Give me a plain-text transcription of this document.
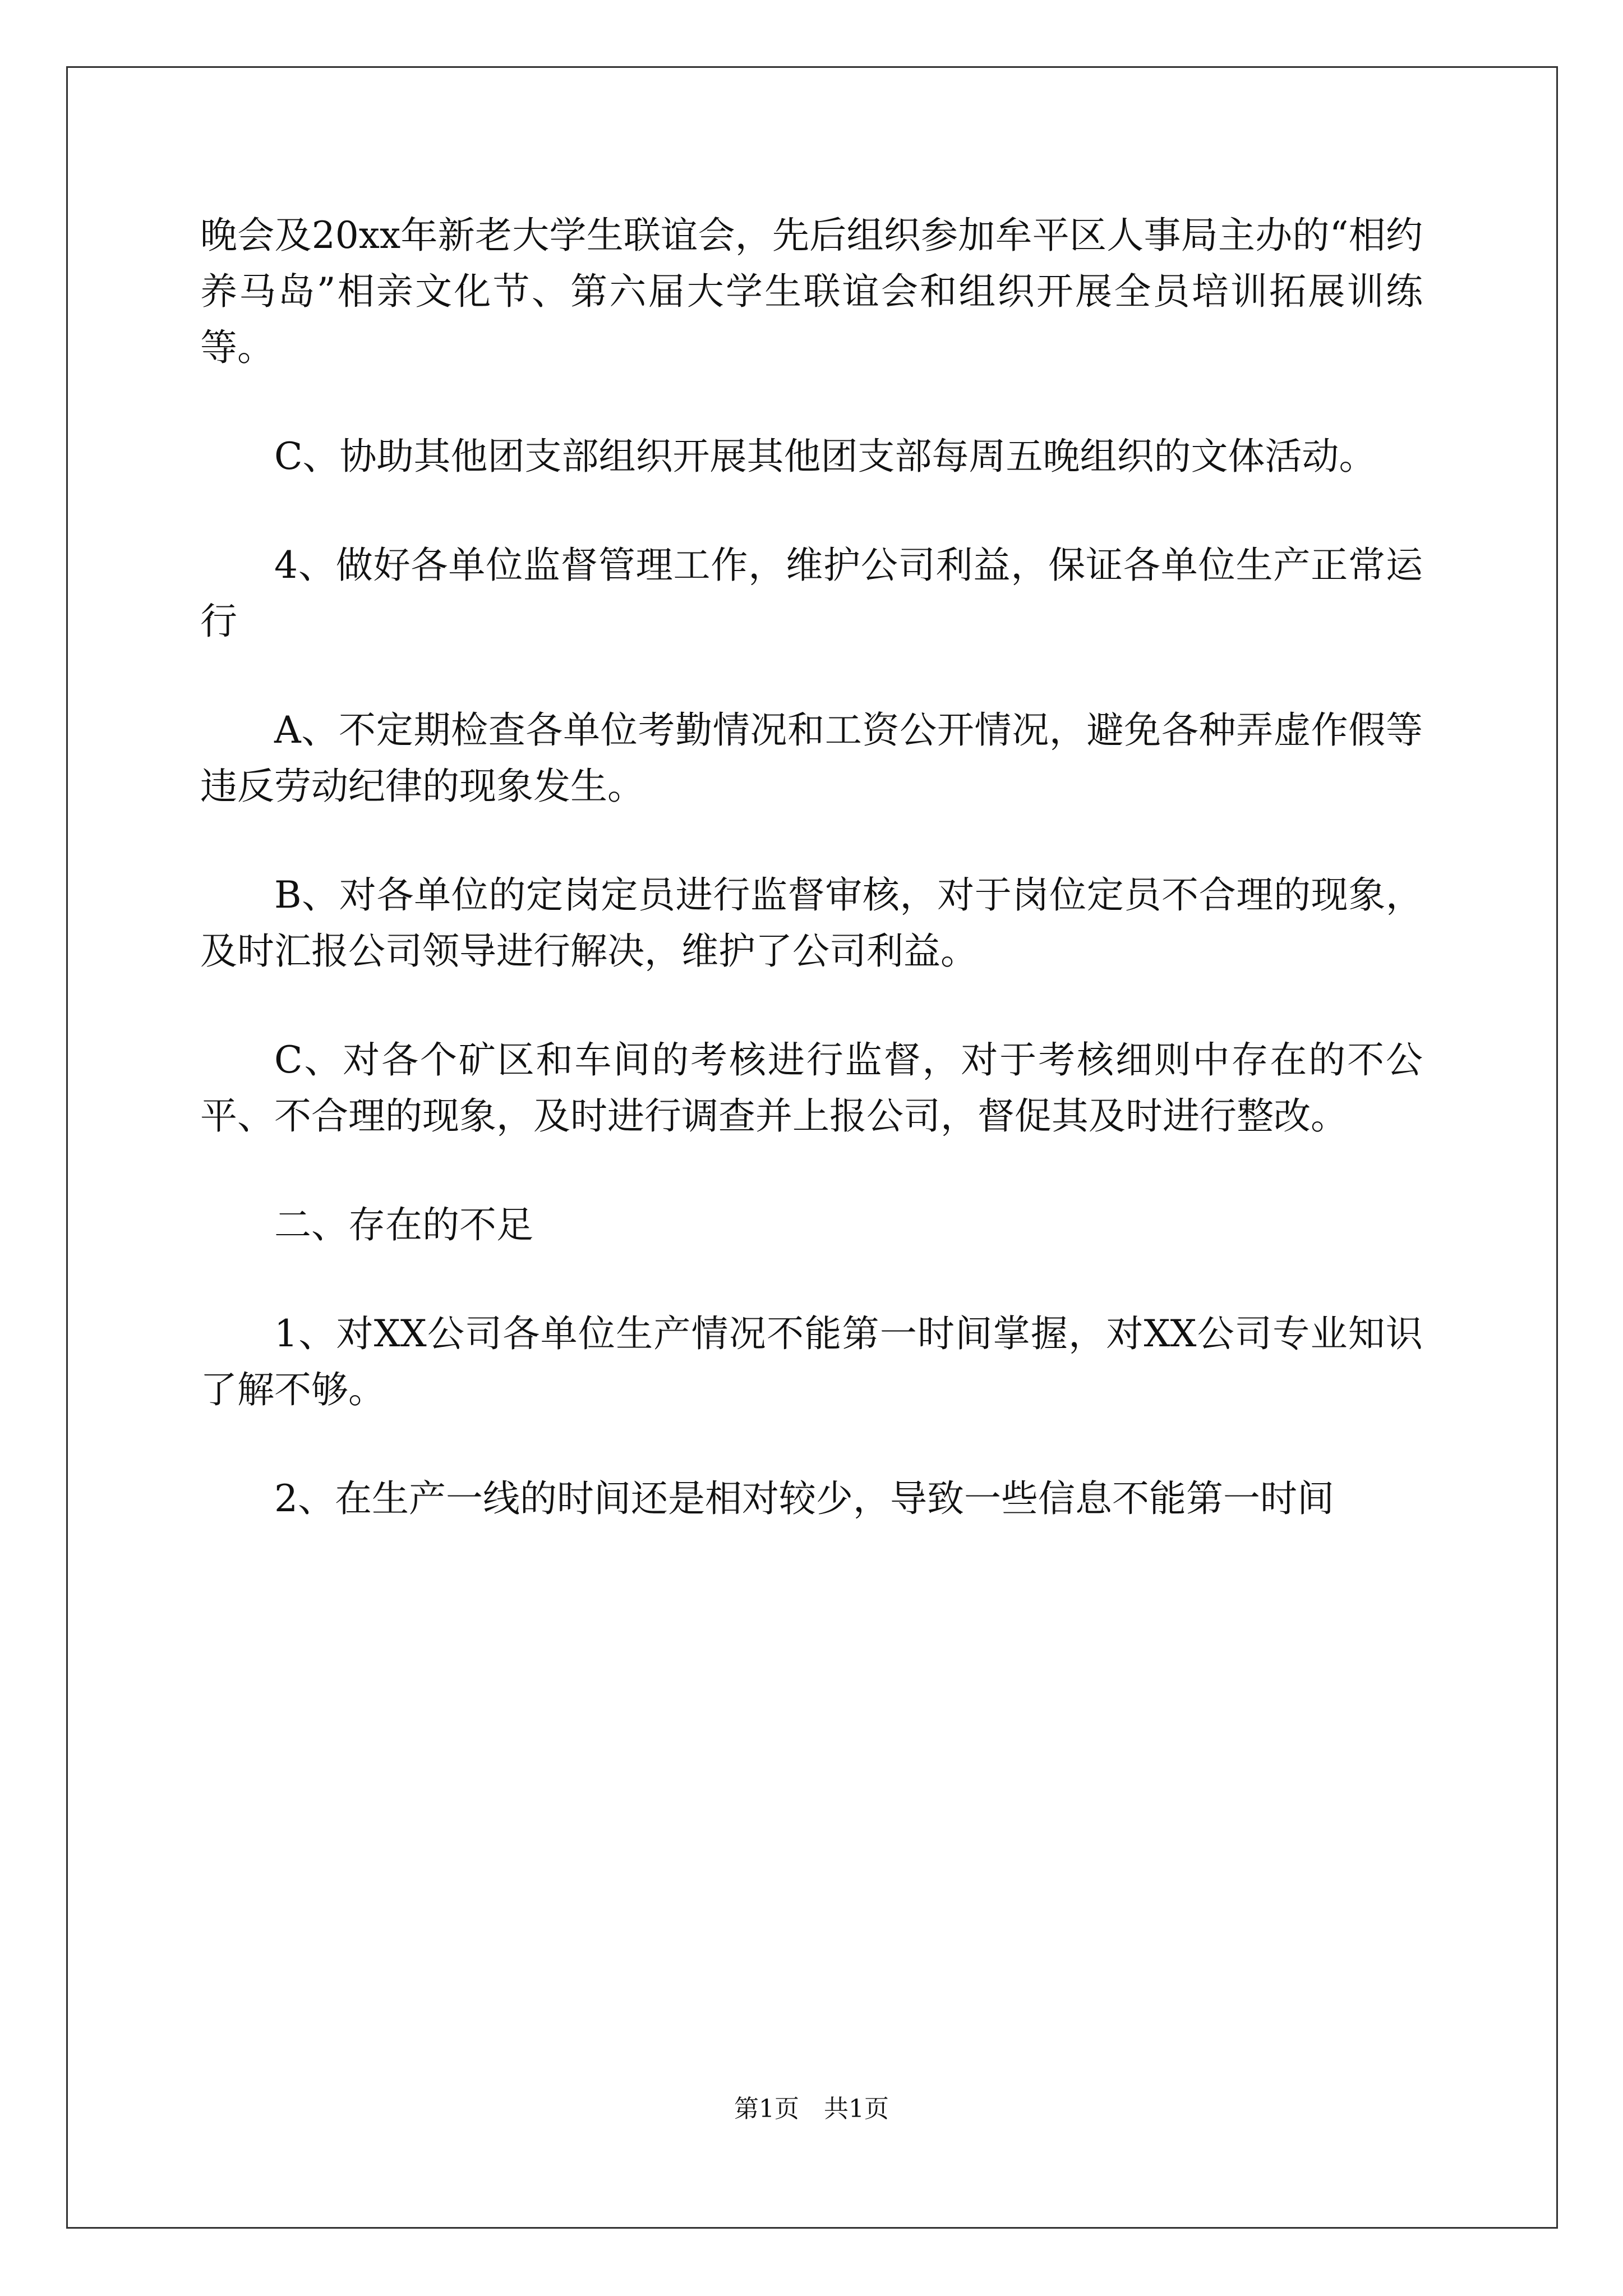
晚会及20xx年新老大学生联谊会，先后组织参加牟平区人事局主办的“相约养马岛”相亲文化节、第六届大学生联谊会和组织开展全员培训拓展训练等。

C、协助其他团支部组织开展其他团支部每周五晚组织的文体活动。

4、做好各单位监督管理工作，维护公司利益，保证各单位生产正常运行

A、不定期检查各单位考勤情况和工资公开情况，避免各种弄虚作假等违反劳动纪律的现象发生。

B、对各单位的定岗定员进行监督审核，对于岗位定员不合理的现象，及时汇报公司领导进行解决，维护了公司利益。

C、对各个矿区和车间的考核进行监督，对于考核细则中存在的不公平、不合理的现象，及时进行调查并上报公司，督促其及时进行整改。

二、存在的不足

1、对XX公司各单位生产情况不能第一时间掌握，对XX公司专业知识了解不够。

2、在生产一线的时间还是相对较少，导致一些信息不能第一时间

第1页　共1页
